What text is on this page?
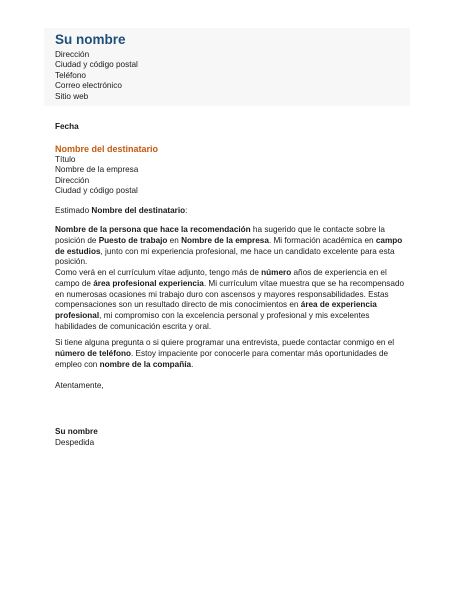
Su nombre
Dirección
Ciudad y código postal
Teléfono
Correo electrónico
Sitio web
Fecha
Nombre del destinatario
Título
Nombre de la empresa
Dirección
Ciudad y código postal
Estimado Nombre del destinatario:
Nombre de la persona que hace la recomendación ha sugerido que le contacte sobre la posición de Puesto de trabajo en Nombre de la empresa. Mi formación académica en campo de estudios, junto con mi experiencia profesional, me hace un candidato excelente para esta posición.
Como verá en el currículum vítae adjunto, tengo más de número años de experiencia en el campo de área profesional experiencia. Mi currículum vítae muestra que se ha recompensado en numerosas ocasiones mi trabajo duro con ascensos y mayores responsabilidades. Estas compensaciones son un resultado directo de mis conocimientos en área de experiencia profesional, mi compromiso con la excelencia personal y profesional y mis excelentes habilidades de comunicación escrita y oral.
Si tiene alguna pregunta o si quiere programar una entrevista, puede contactar conmigo en el número de teléfono. Estoy impaciente por conocerle para comentar más oportunidades de empleo con nombre de la compañía.
Atentamente,
Su nombre
Despedida
